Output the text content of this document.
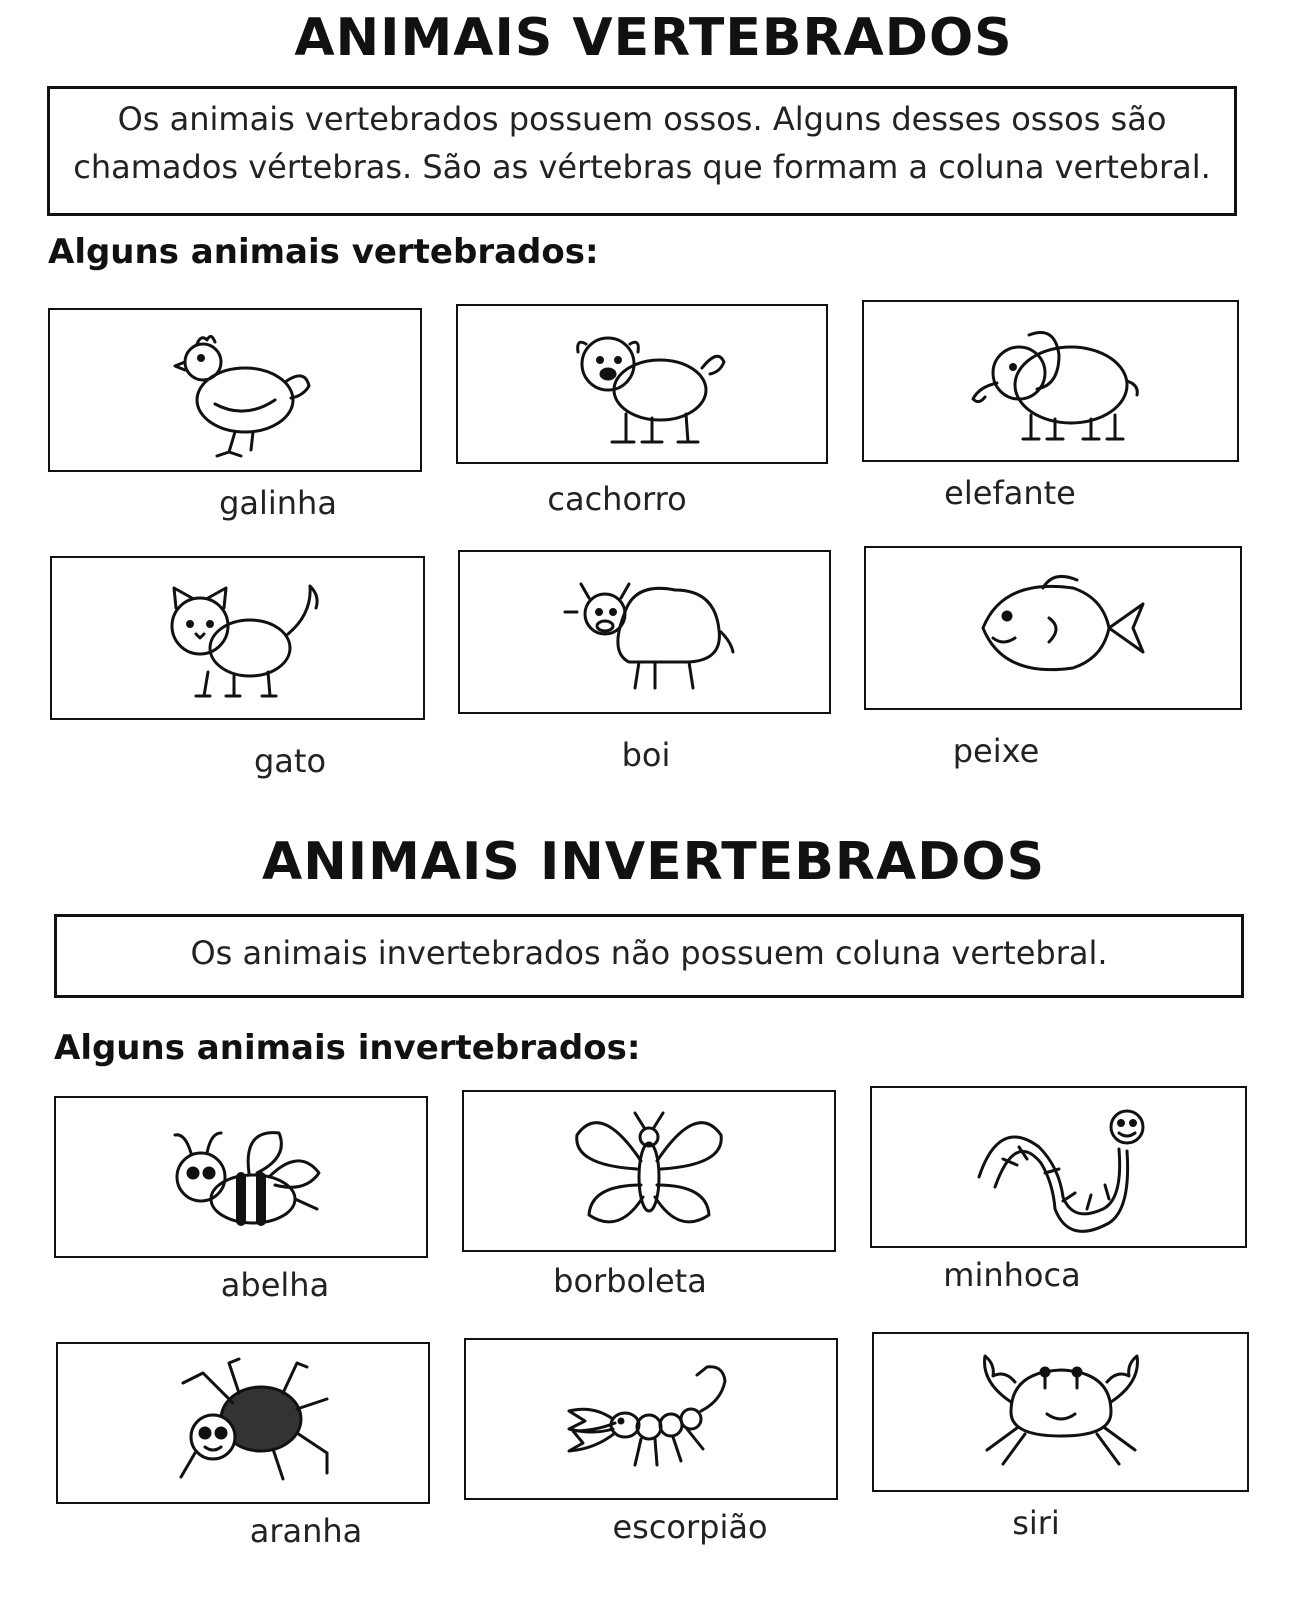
ANIMAIS VERTEBRADOS
Os animais vertebrados possuem ossos. Alguns desses ossos são chamados vértebras. São as vértebras que formam a coluna vertebral.
Alguns animais vertebrados:
galinha	cachorro	elefante
gato	boi	peixe
ANIMAIS INVERTEBRADOS
Os animais invertebrados não possuem coluna vertebral.
Alguns animais invertebrados:
abelha	borboleta	minhoca
aranha	escorpião	siri
